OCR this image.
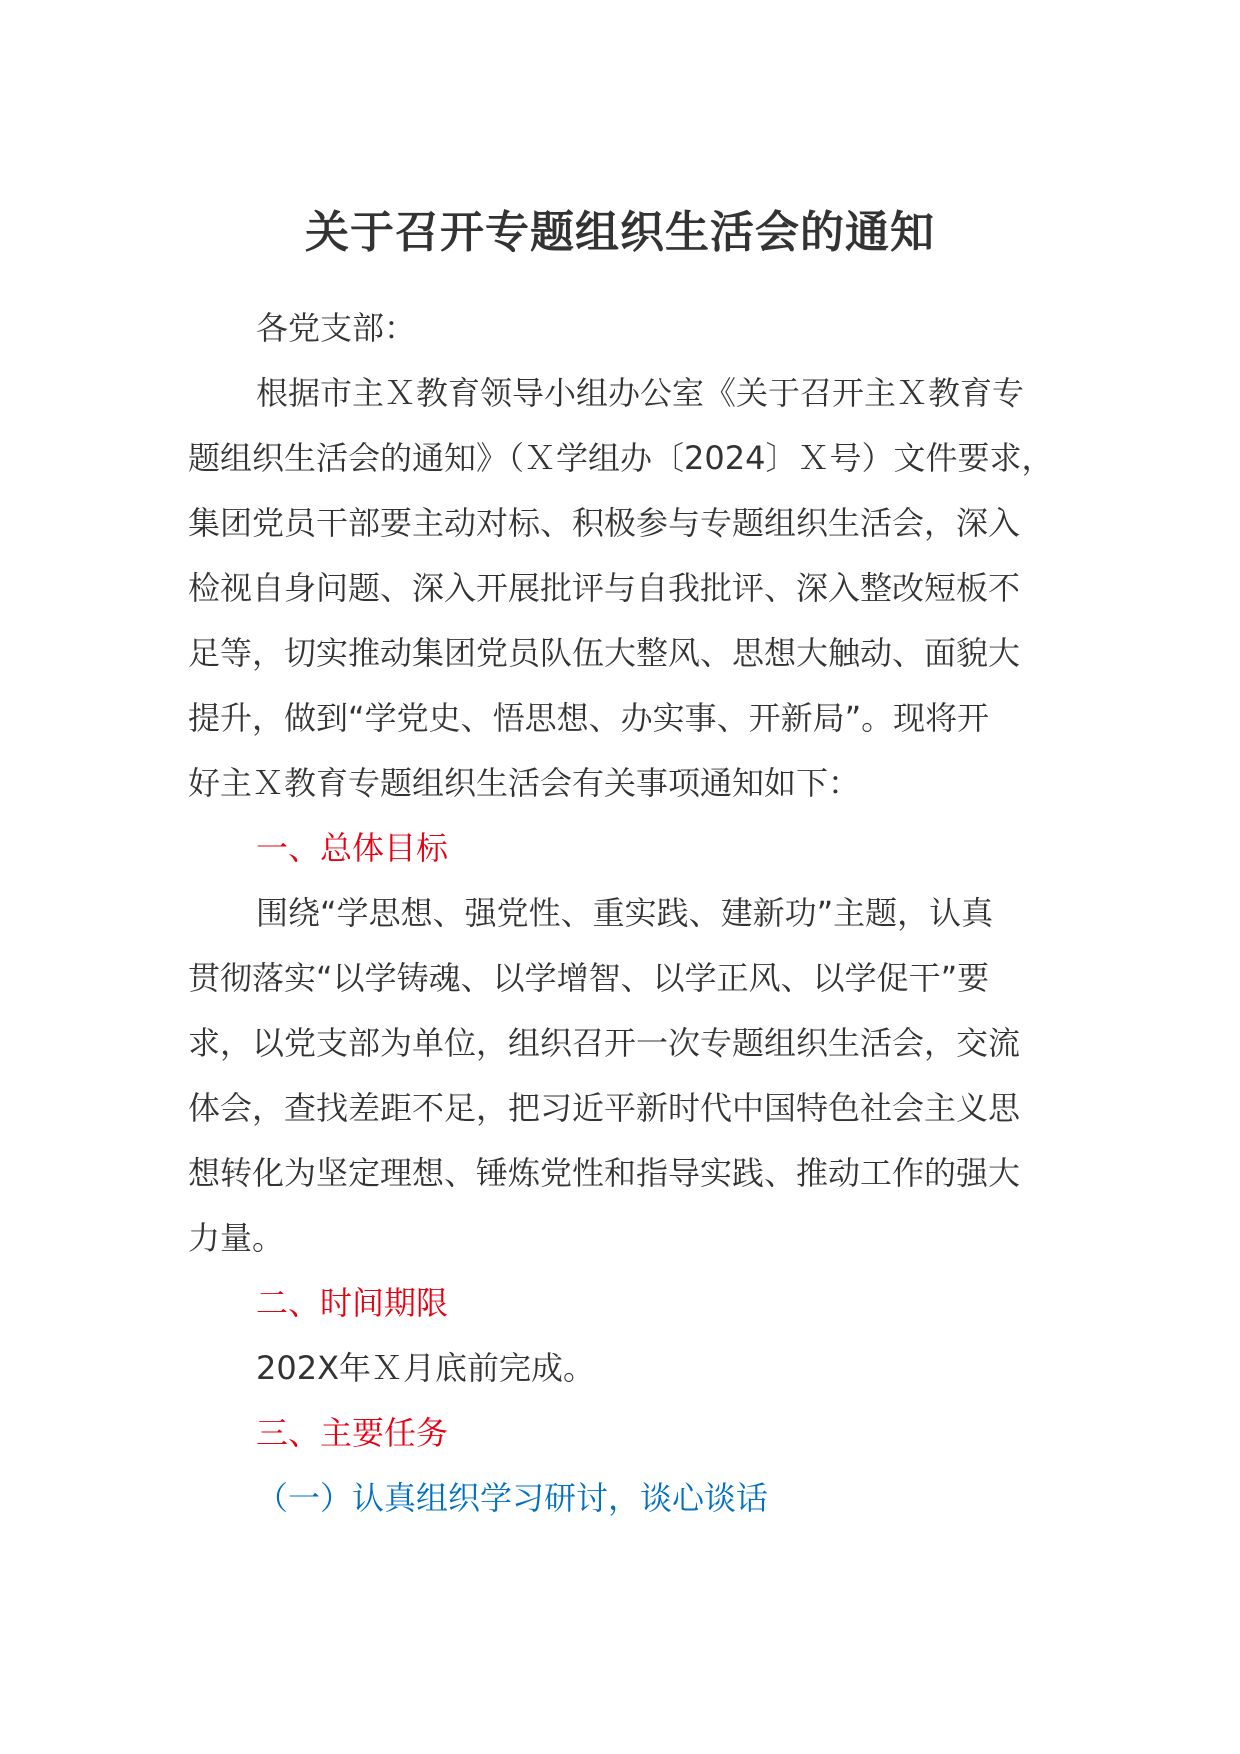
关于召开专题组织生活会的通知
各党支部：
根据市主Ｘ教育领导小组办公室《关于召开主Ｘ教育专
题组织生活会的通知》（Ｘ学组办〔2024〕Ｘ号）文件要求，
集团党员干部要主动对标、积极参与专题组织生活会，深入
检视自身问题、深入开展批评与自我批评、深入整改短板不
足等，切实推动集团党员队伍大整风、思想大触动、面貌大
提升，做到“学党史、悟思想、办实事、开新局”。现将开
好主Ｘ教育专题组织生活会有关事项通知如下：
一、总体目标
围绕“学思想、强党性、重实践、建新功”主题，认真
贯彻落实“以学铸魂、以学增智、以学正风、以学促干”要
求，以党支部为单位，组织召开一次专题组织生活会，交流
体会，查找差距不足，把习近平新时代中国特色社会主义思
想转化为坚定理想、锤炼党性和指导实践、推动工作的强大
力量。
二、时间期限
202X年Ｘ月底前完成。
三、主要任务
（一）认真组织学习研讨，谈心谈话
